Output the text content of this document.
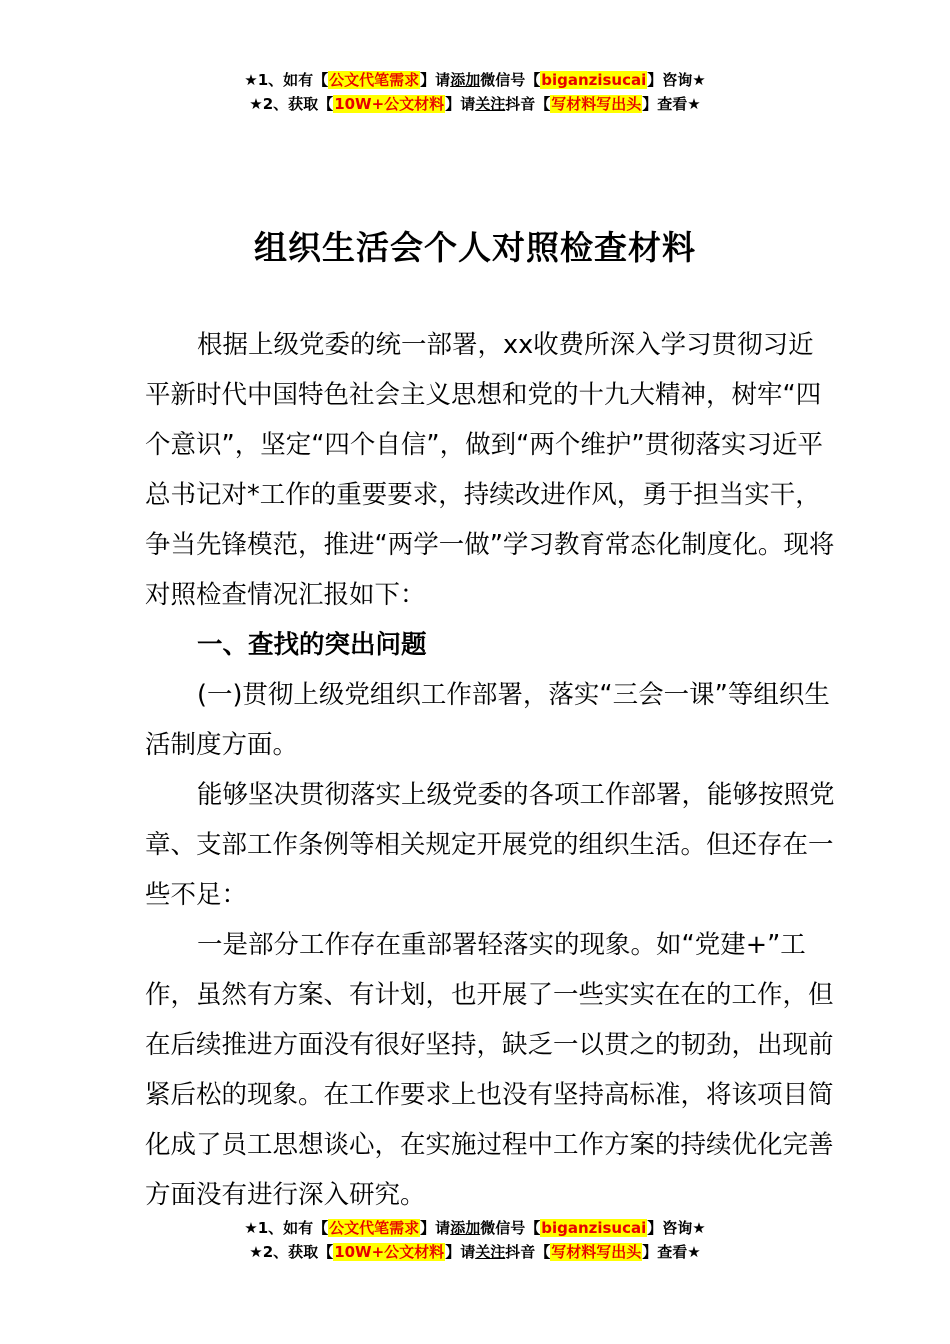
★1、如有【公文代笔需求】请添加微信号【biganzisucai】咨询★
★2、获取【10W+公文材料】请关注抖音【写材料写出头】查看★
组织生活会个人对照检查材料

根据上级党委的统一部署，xx收费所深入学习贯彻习近平新时代中国特色社会主义思想和党的十九大精神，树牢“四个意识”，坚定“四个自信”，做到“两个维护”贯彻落实习近平总书记对*工作的重要要求，持续改进作风，勇于担当实干，争当先锋模范，推进“两学一做”学习教育常态化制度化。现将对照检查情况汇报如下：

一、查找的突出问题

(一)贯彻上级党组织工作部署，落实“三会一课”等组织生活制度方面。

能够坚决贯彻落实上级党委的各项工作部署，能够按照党章、支部工作条例等相关规定开展党的组织生活。但还存在一些不足：

一是部分工作存在重部署轻落实的现象。如“党建+”工作，虽然有方案、有计划，也开展了一些实实在在的工作，但在后续推进方面没有很好坚持，缺乏一以贯之的韧劲，出现前紧后松的现象。在工作要求上也没有坚持高标准，将该项目简化成了员工思想谈心，在实施过程中工作方案的持续优化完善方面没有进行深入研究。

★1、如有【公文代笔需求】请添加微信号【biganzisucai】咨询★
★2、获取【10W+公文材料】请关注抖音【写材料写出头】查看★
